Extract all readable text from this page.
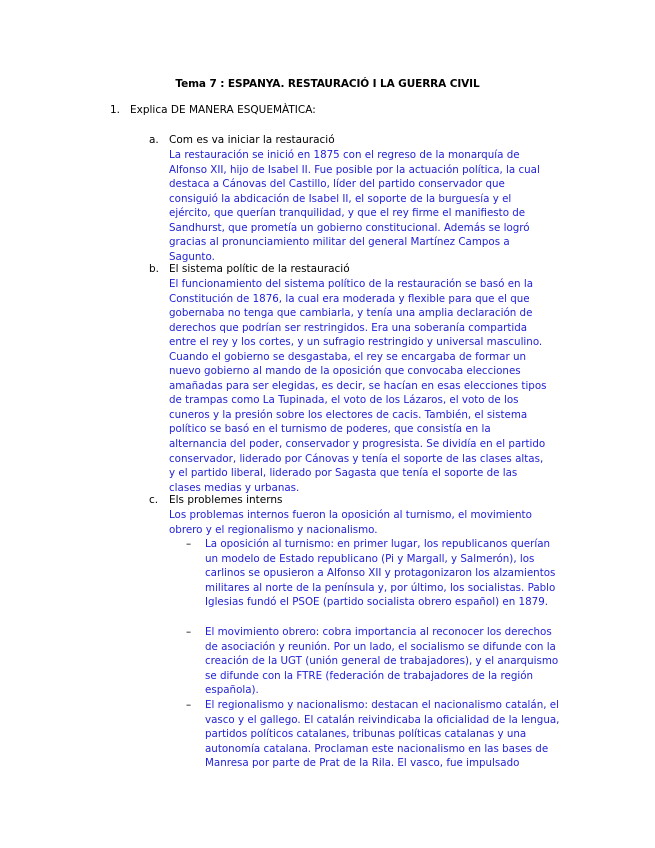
Tema 7 : ESPANYA. RESTAURACIÓ I LA GUERRA CIVIL
1. Explica DE MANERA ESQUEMÀTICA:
a. Com es va iniciar la restauració
La restauración se inició en 1875 con el regreso de la monarquía de Alfonso XII, hijo de Isabel II. Fue posible por la actuación política, la cual destaca a Cánovas del Castillo, líder del partido conservador que consiguió la abdicación de Isabel II, el soporte de la burguesía y el ejército, que querían tranquilidad, y que el rey firme el manifiesto de Sandhurst, que prometía un gobierno constitucional. Además se logró gracias al pronunciamiento militar del general Martínez Campos a Sagunto.
b. El sistema polític de la restauració
El funcionamiento del sistema político de la restauración se basó en la Constitución de 1876, la cual era moderada y flexible para que el que gobernaba no tenga que cambiarla, y tenía una amplia declaración de derechos que podrían ser restringidos. Era una soberanía compartida entre el rey y los cortes, y un sufragio restringido y universal masculino. Cuando el gobierno se desgastaba, el rey se encargaba de formar un nuevo gobierno al mando de la oposición que convocaba elecciones amañadas para ser elegidas, es decir, se hacían en esas elecciones tipos de trampas como La Tupinada, el voto de los Lázaros, el voto de los cuneros y la presión sobre los electores de cacis. También, el sistema político se basó en el turnismo de poderes, que consistía en la alternancia del poder, conservador y progresista. Se dividía en el partido conservador, liderado por Cánovas y tenía el soporte de las clases altas, y el partido liberal, liderado por Sagasta que tenía el soporte de las clases medias y urbanas.
c. Els problemes interns
Los problemas internos fueron la oposición al turnismo, el movimiento obrero y el regionalismo y nacionalismo.
– La oposición al turnismo: en primer lugar, los republicanos querían un modelo de Estado republicano (Pi y Margall, y Salmerón), los carlinos se opusieron a Alfonso XII y protagonizaron los alzamientos militares al norte de la península y, por último, los socialistas. Pablo Iglesias fundó el PSOE (partido socialista obrero español) en 1879.
– El movimiento obrero: cobra importancia al reconocer los derechos de asociación y reunión. Por un lado, el socialismo se difunde con la creación de la UGT (unión general de trabajadores), y el anarquismo se difunde con la FTRE (federación de trabajadores de la región española).
– El regionalismo y nacionalismo: destacan el nacionalismo catalán, el vasco y el gallego. El catalán reivindicaba la oficialidad de la lengua, partidos políticos catalanes, tribunas políticas catalanas y una autonomía catalana. Proclaman este nacionalismo en las bases de Manresa por parte de Prat de la Rila. El vasco, fue impulsado
